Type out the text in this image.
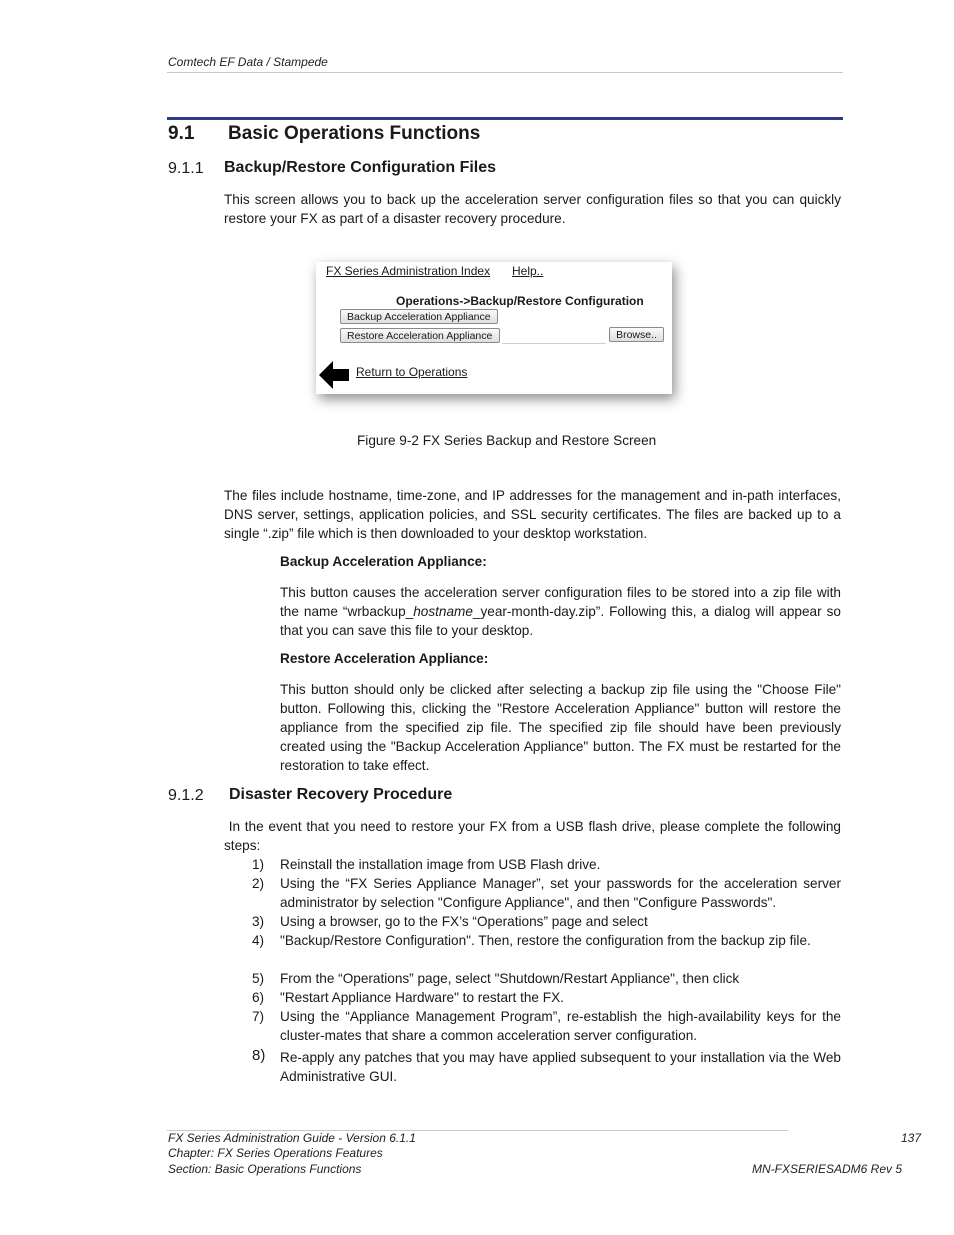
Comtech EF Data / Stampede
9.1 Basic Operations Functions
9.1.1 Backup/Restore Configuration Files
This screen allows you to back up the acceleration server configuration files so that you can quickly restore your FX as part of a disaster recovery procedure.
FX Series Administration Index Help..
Operations->Backup/Restore Configuration
Backup Acceleration Appliance
Restore Acceleration Appliance	Browse..
Return to Operations
Figure 9-2 FX Series Backup and Restore Screen
The files include hostname, time-zone, and IP addresses for the management and in-path interfaces, DNS server, settings, application policies, and SSL security certificates. The files are backed up to a single “.zip” file which is then downloaded to your desktop workstation.
Backup Acceleration Appliance:
This button causes the acceleration server configuration files to be stored into a zip file with the name “wrbackup_hostname_year-month-day.zip”. Following this, a dialog will appear so that you can save this file to your desktop.
Restore Acceleration Appliance:
This button should only be clicked after selecting a backup zip file using the "Choose File" button. Following this, clicking the "Restore Acceleration Appliance" button will restore the appliance from the specified zip file. The specified zip file should have been previously created using the "Backup Acceleration Appliance" button. The FX must be restarted for the restoration to take effect.
9.1.2 Disaster Recovery Procedure
In the event that you need to restore your FX from a USB flash drive, please complete the following steps:
1) Reinstall the installation image from USB Flash drive.
2) Using the “FX Series Appliance Manager”, set your passwords for the acceleration server administrator by selection "Configure Appliance", and then "Configure Passwords".
3) Using a browser, go to the FX’s “Operations” page and select
4) "Backup/Restore Configuration". Then, restore the configuration from the backup zip file.
5) From the “Operations” page, select "Shutdown/Restart Appliance", then click
6) "Restart Appliance Hardware" to restart the FX.
7) Using the “Appliance Management Program”, re-establish the high-availability keys for the cluster-mates that share a common acceleration server configuration.
8) Re-apply any patches that you may have applied subsequent to your installation via the Web Administrative GUI.
FX Series Administration Guide - Version 6.1.1
Chapter: FX Series Operations Features
Section: Basic Operations Functions
137
MN-FXSERIESADM6 Rev 5
